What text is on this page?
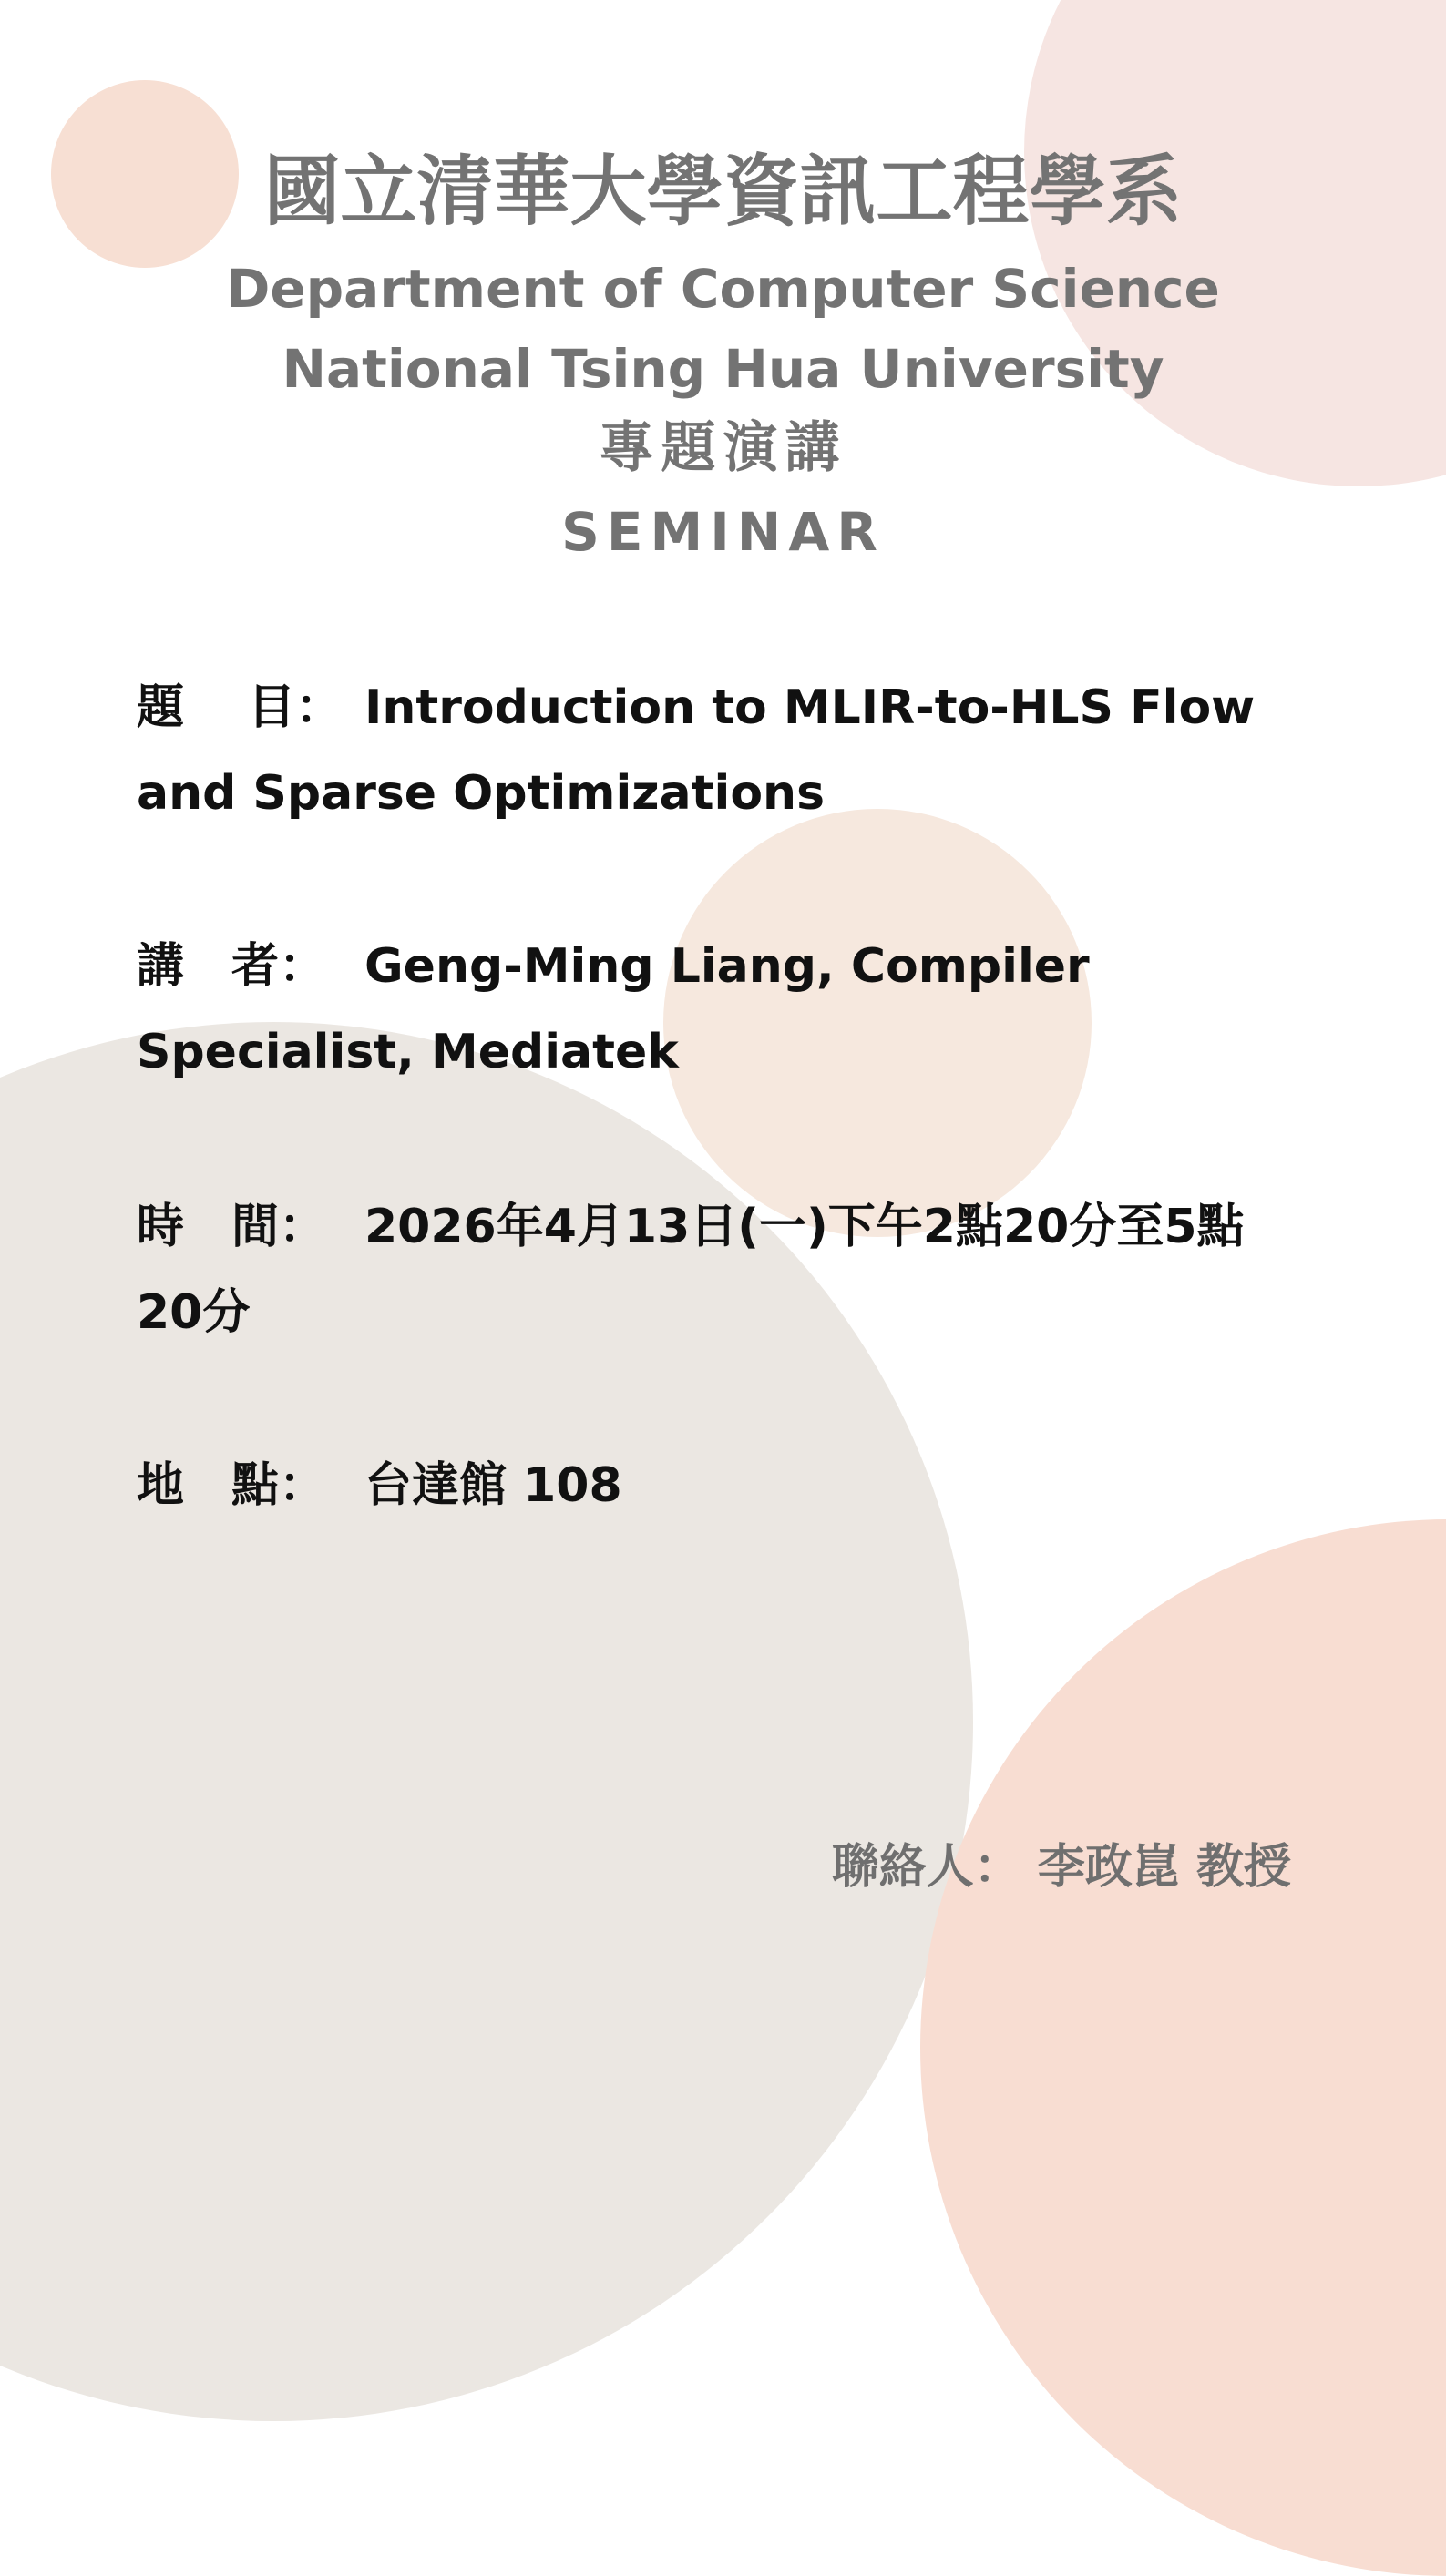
國立清華大學資訊工程學系
Department of Computer Science
National Tsing Hua University
專題演講
SEMINAR
題　 目： Introduction to MLIR-to-HLS Flow
and Sparse Optimizations
講　者： Geng-Ming Liang, Compiler
Specialist, Mediatek
時　間： 2026年4月13日(一)下午2點20分至5點
20分
地　點： 台達館 108
聯絡人： 李政崑 教授
